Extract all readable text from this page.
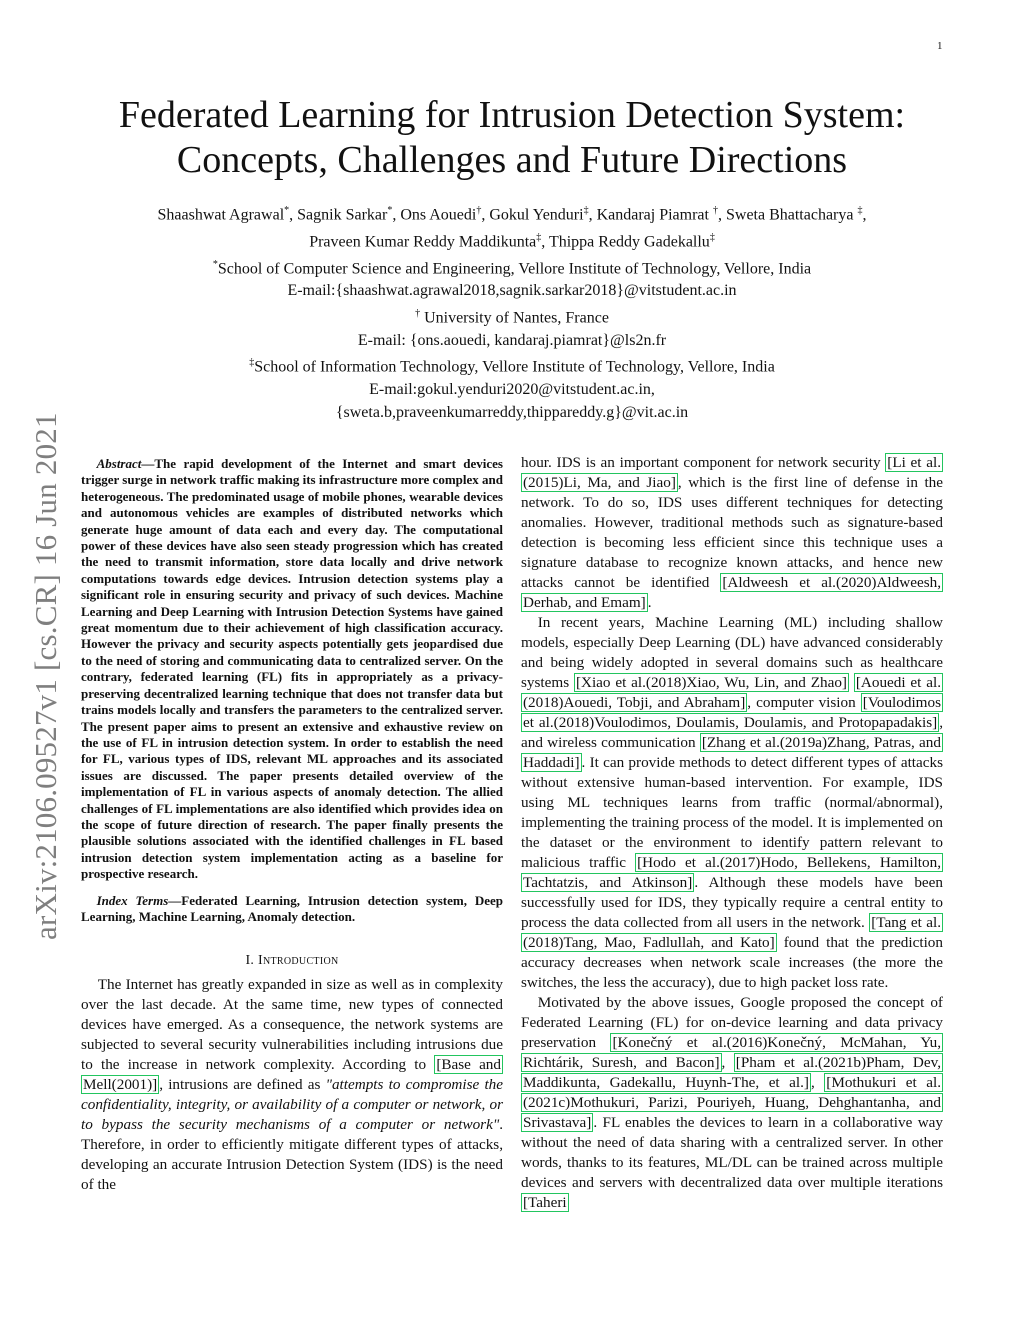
1
arXiv:2106.09527v1 [cs.CR] 16 Jun 2021
Federated Learning for Intrusion Detection System:
Concepts, Challenges and Future Directions
Shaashwat Agrawal*, Sagnik Sarkar*, Ons Aouedi†, Gokul Yenduri‡, Kandaraj Piamrat †, Sweta Bhattacharya ‡,
Praveen Kumar Reddy Maddikunta‡, Thippa Reddy Gadekallu‡
*School of Computer Science and Engineering, Vellore Institute of Technology, Vellore, India
E-mail:{shaashwat.agrawal2018,sagnik.sarkar2018}@vitstudent.ac.in
† University of Nantes, France
E-mail: {ons.aouedi, kandaraj.piamrat}@ls2n.fr
‡School of Information Technology, Vellore Institute of Technology, Vellore, India
E-mail:gokul.yenduri2020@vitstudent.ac.in,
{sweta.b,praveenkumarreddy,thippareddy.g}@vit.ac.in

Abstract—The rapid development of the Internet and smart devices trigger surge in network traffic making its infrastructure more complex and heterogeneous. The predominated usage of mobile phones, wearable devices and autonomous vehicles are examples of distributed networks which generate huge amount of data each and every day. The computational power of these devices have also seen steady progression which has created the need to transmit information, store data locally and drive network computations towards edge devices. Intrusion detection systems play a significant role in ensuring security and privacy of such devices. Machine Learning and Deep Learning with Intrusion Detection Systems have gained great momentum due to their achievement of high classification accuracy. However the privacy and security aspects potentially gets jeopardised due to the need of storing and communicating data to centralized server. On the contrary, federated learning (FL) fits in appropriately as a privacy-preserving decentralized learning technique that does not transfer data but trains models locally and transfers the parameters to the centralized server. The present paper aims to present an extensive and exhaustive review on the use of FL in intrusion detection system. In order to establish the need for FL, various types of IDS, relevant ML approaches and its associated issues are discussed. The paper presents detailed overview of the implementation of FL in various aspects of anomaly detection. The allied challenges of FL implementations are also identified which provides idea on the scope of future direction of research. The paper finally presents the plausible solutions associated with the identified challenges in FL based intrusion detection system implementation acting as a baseline for prospective research.

Index Terms—Federated Learning, Intrusion detection system, Deep Learning, Machine Learning, Anomaly detection.

I. Introduction

The Internet has greatly expanded in size as well as in complexity over the last decade. At the same time, new types of connected devices have emerged. As a consequence, the network systems are subjected to several security vulnerabilities including intrusions due to the increase in network complexity. According to [Base and Mell(2001)] , intrusions are defined as "attempts to compromise the confidentiality, integrity, or availability of a computer or network, or to bypass the security mechanisms of a computer or network". Therefore, in order to efficiently mitigate different types of attacks, developing an accurate Intrusion Detection System (IDS) is the need of the

hour. IDS is an important component for network security [Li et al.(2015)Li, Ma, and Jiao] , which is the first line of defense in the network. To do so, IDS uses different techniques for detecting anomalies. However, traditional methods such as signature-based detection is becoming less efficient since this technique uses a signature database to recognize known attacks, and hence new attacks cannot be identified [Aldweesh et al.(2020)Aldweesh, Derhab, and Emam] .

In recent years, Machine Learning (ML) including shallow models, especially Deep Learning (DL) have advanced considerably and being widely adopted in several domains such as healthcare systems [Xiao et al.(2018)Xiao, Wu, Lin, and Zhao] [Aouedi et al.(2018)Aouedi, Tobji, and Abraham] , computer vision [Voulodimos et al.(2018)Voulodimos, Doulamis, Doulamis, and Protopapadakis] , and wireless communication [Zhang et al.(2019a)Zhang, Patras, and Haddadi] . It can provide methods to detect different types of attacks without extensive human-based intervention. For example, IDS using ML techniques learns from traffic (normal/abnormal), implementing the training process of the model. It is implemented on the dataset or the environment to identify pattern relevant to malicious traffic [Hodo et al.(2017)Hodo, Bellekens, Hamilton, Tachtatzis, and Atkinson] . Although these models have been successfully used for IDS, they typically require a central entity to process the data collected from all users in the network. [Tang et al.(2018)Tang, Mao, Fadlullah, and Kato] found that the prediction accuracy decreases when network scale increases (the more the switches, the less the accuracy), due to high packet loss rate.

Motivated by the above issues, Google proposed the concept of Federated Learning (FL) for on-device learning and data privacy preservation [Konečný et al.(2016)Konečný, McMahan, Yu, Richtárik, Suresh, and Bacon] , [Pham et al.(2021b)Pham, Dev, Maddikunta, Gadekallu, Huynh-The, et al.] , [Mothukuri et al.(2021c)Mothukuri, Parizi, Pouriyeh, Huang, Dehghantanha, and Srivastava] . FL enables the devices to learn in a collaborative way without the need of data sharing with a centralized server. In other words, thanks to its features, ML/DL can be trained across multiple devices and servers with decentralized data over multiple iterations [Taheri
